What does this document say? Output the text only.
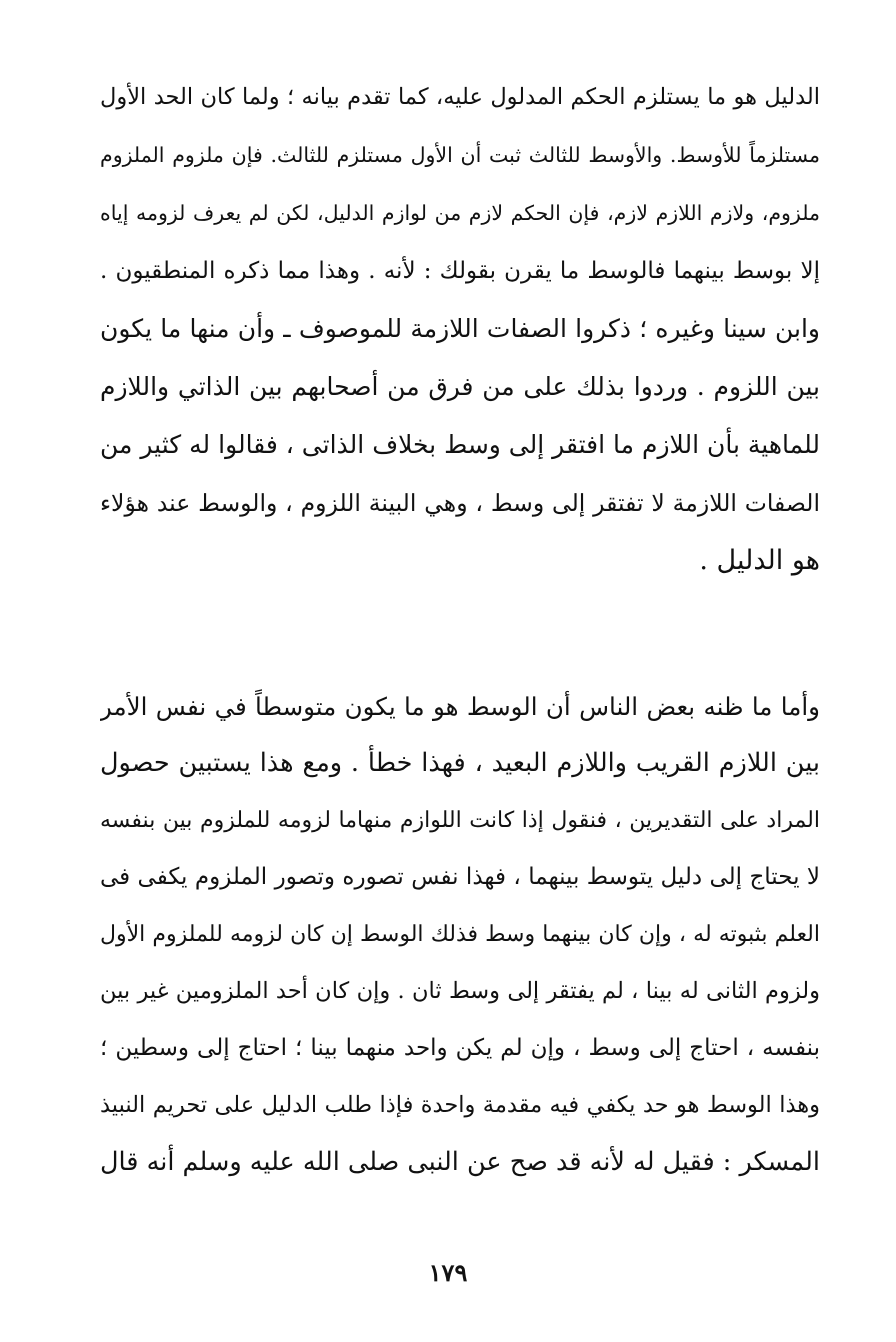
الدليل هو ما يستلزم الحكم المدلول عليه، كما تقدم بيانه ؛ ولما كان الحد الأول
مستلزماً للأوسط. والأوسط للثالث ثبت أن الأول مستلزم للثالث. فإن ملزوم الملزوم
ملزوم، ولازم اللازم لازم، فإن الحكم لازم من لوازم الدليل، لكن لم يعرف لزومه إياه
إلا بوسط بينهما فالوسط ما يقرن بقولك : لأنه . وهذا مما ذكره المنطقيون .
وابن سينا وغيره ؛ ذكروا الصفات اللازمة للموصوف ـ وأن منها ما يكون
بين اللزوم . وردوا بذلك على من فرق من أصحابهم بين الذاتي واللازم
للماهية بأن اللازم ما افتقر إلى وسط بخلاف الذاتى ، فقالوا له كثير من
الصفات اللازمة لا تفتقر إلى وسط ، وهي البينة اللزوم ، والوسط عند هؤلاء
هو الدليل .
وأما ما ظنه بعض الناس أن الوسط هو ما يكون متوسطاً في نفس الأمر
بين اللازم القريب واللازم البعيد ، فهذا خطأ . ومع هذا يستبين حصول
المراد على التقديرين ، فنقول إذا كانت اللوازم منهاما لزومه للملزوم بين بنفسه
لا يحتاج إلى دليل يتوسط بينهما ، فهذا نفس تصوره وتصور الملزوم يكفى فى
العلم بثبوته له ، وإن كان بينهما وسط فذلك الوسط إن كان لزومه للملزوم الأول
ولزوم الثانى له بينا ، لم يفتقر إلى وسط ثان . وإن كان أحد الملزومين غير بين
بنفسه ، احتاج إلى وسط ، وإن لم يكن واحد منهما بينا ؛ احتاج إلى وسطين ؛
وهذا الوسط هو حد يكفي فيه مقدمة واحدة فإذا طلب الدليل على تحريم النبيذ
المسكر : فقيل له لأنه قد صح عن النبى صلى الله عليه وسلم أنه قال
١٧٩
